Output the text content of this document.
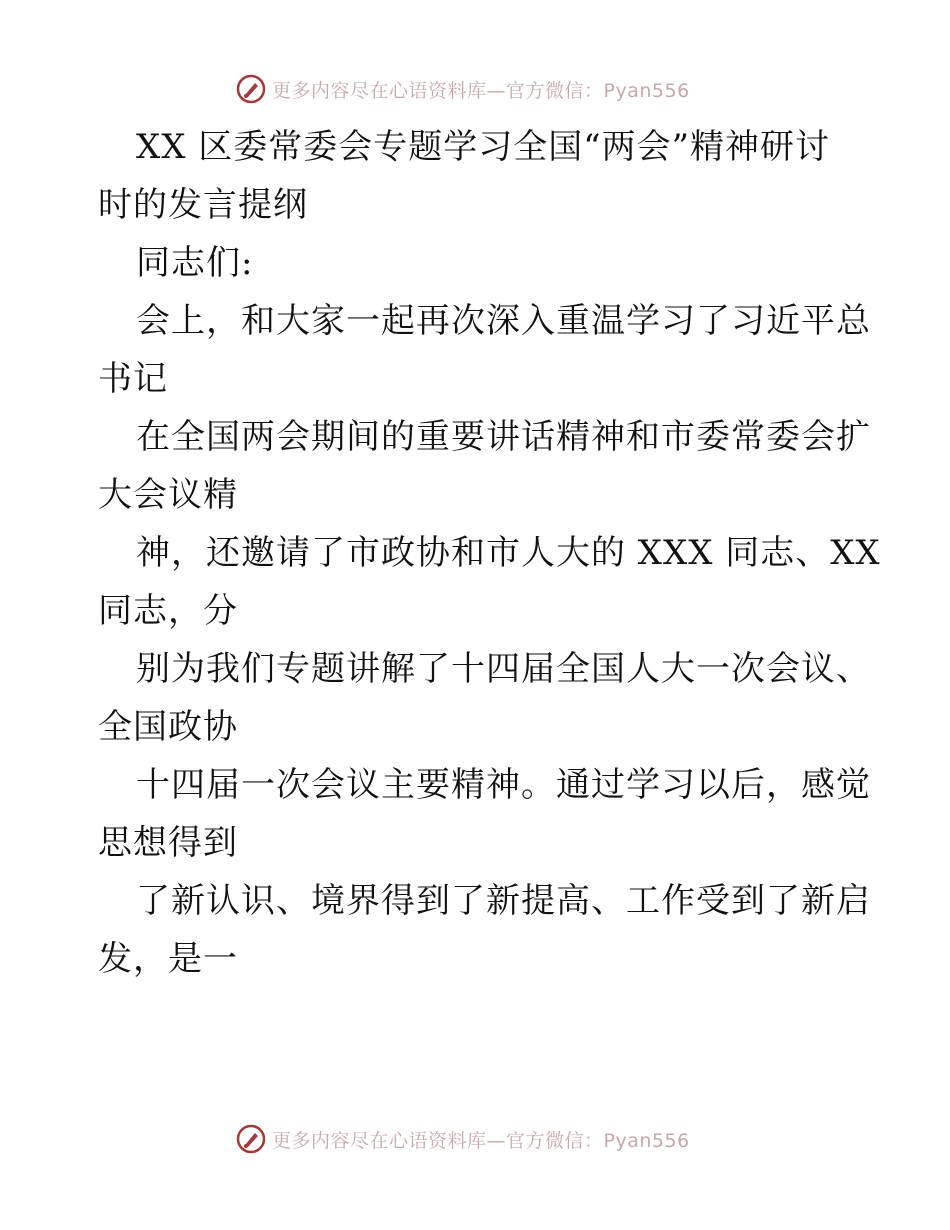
更多内容尽在心语资料库—官方微信：Pyan556
XX 区委常委会专题学习全国“两会”精神研讨
时的发言提纲
同志们:
会上，和大家一起再次深入重温学习了习近平总
书记
在全国两会期间的重要讲话精神和市委常委会扩
大会议精
神，还邀请了市政协和市人大的 XXX 同志、XX
同志，分
别为我们专题讲解了十四届全国人大一次会议、
全国政协
十四届一次会议主要精神。通过学习以后，感觉
思想得到
了新认识、境界得到了新提高、工作受到了新启
发，是一
更多内容尽在心语资料库—官方微信：Pyan556
